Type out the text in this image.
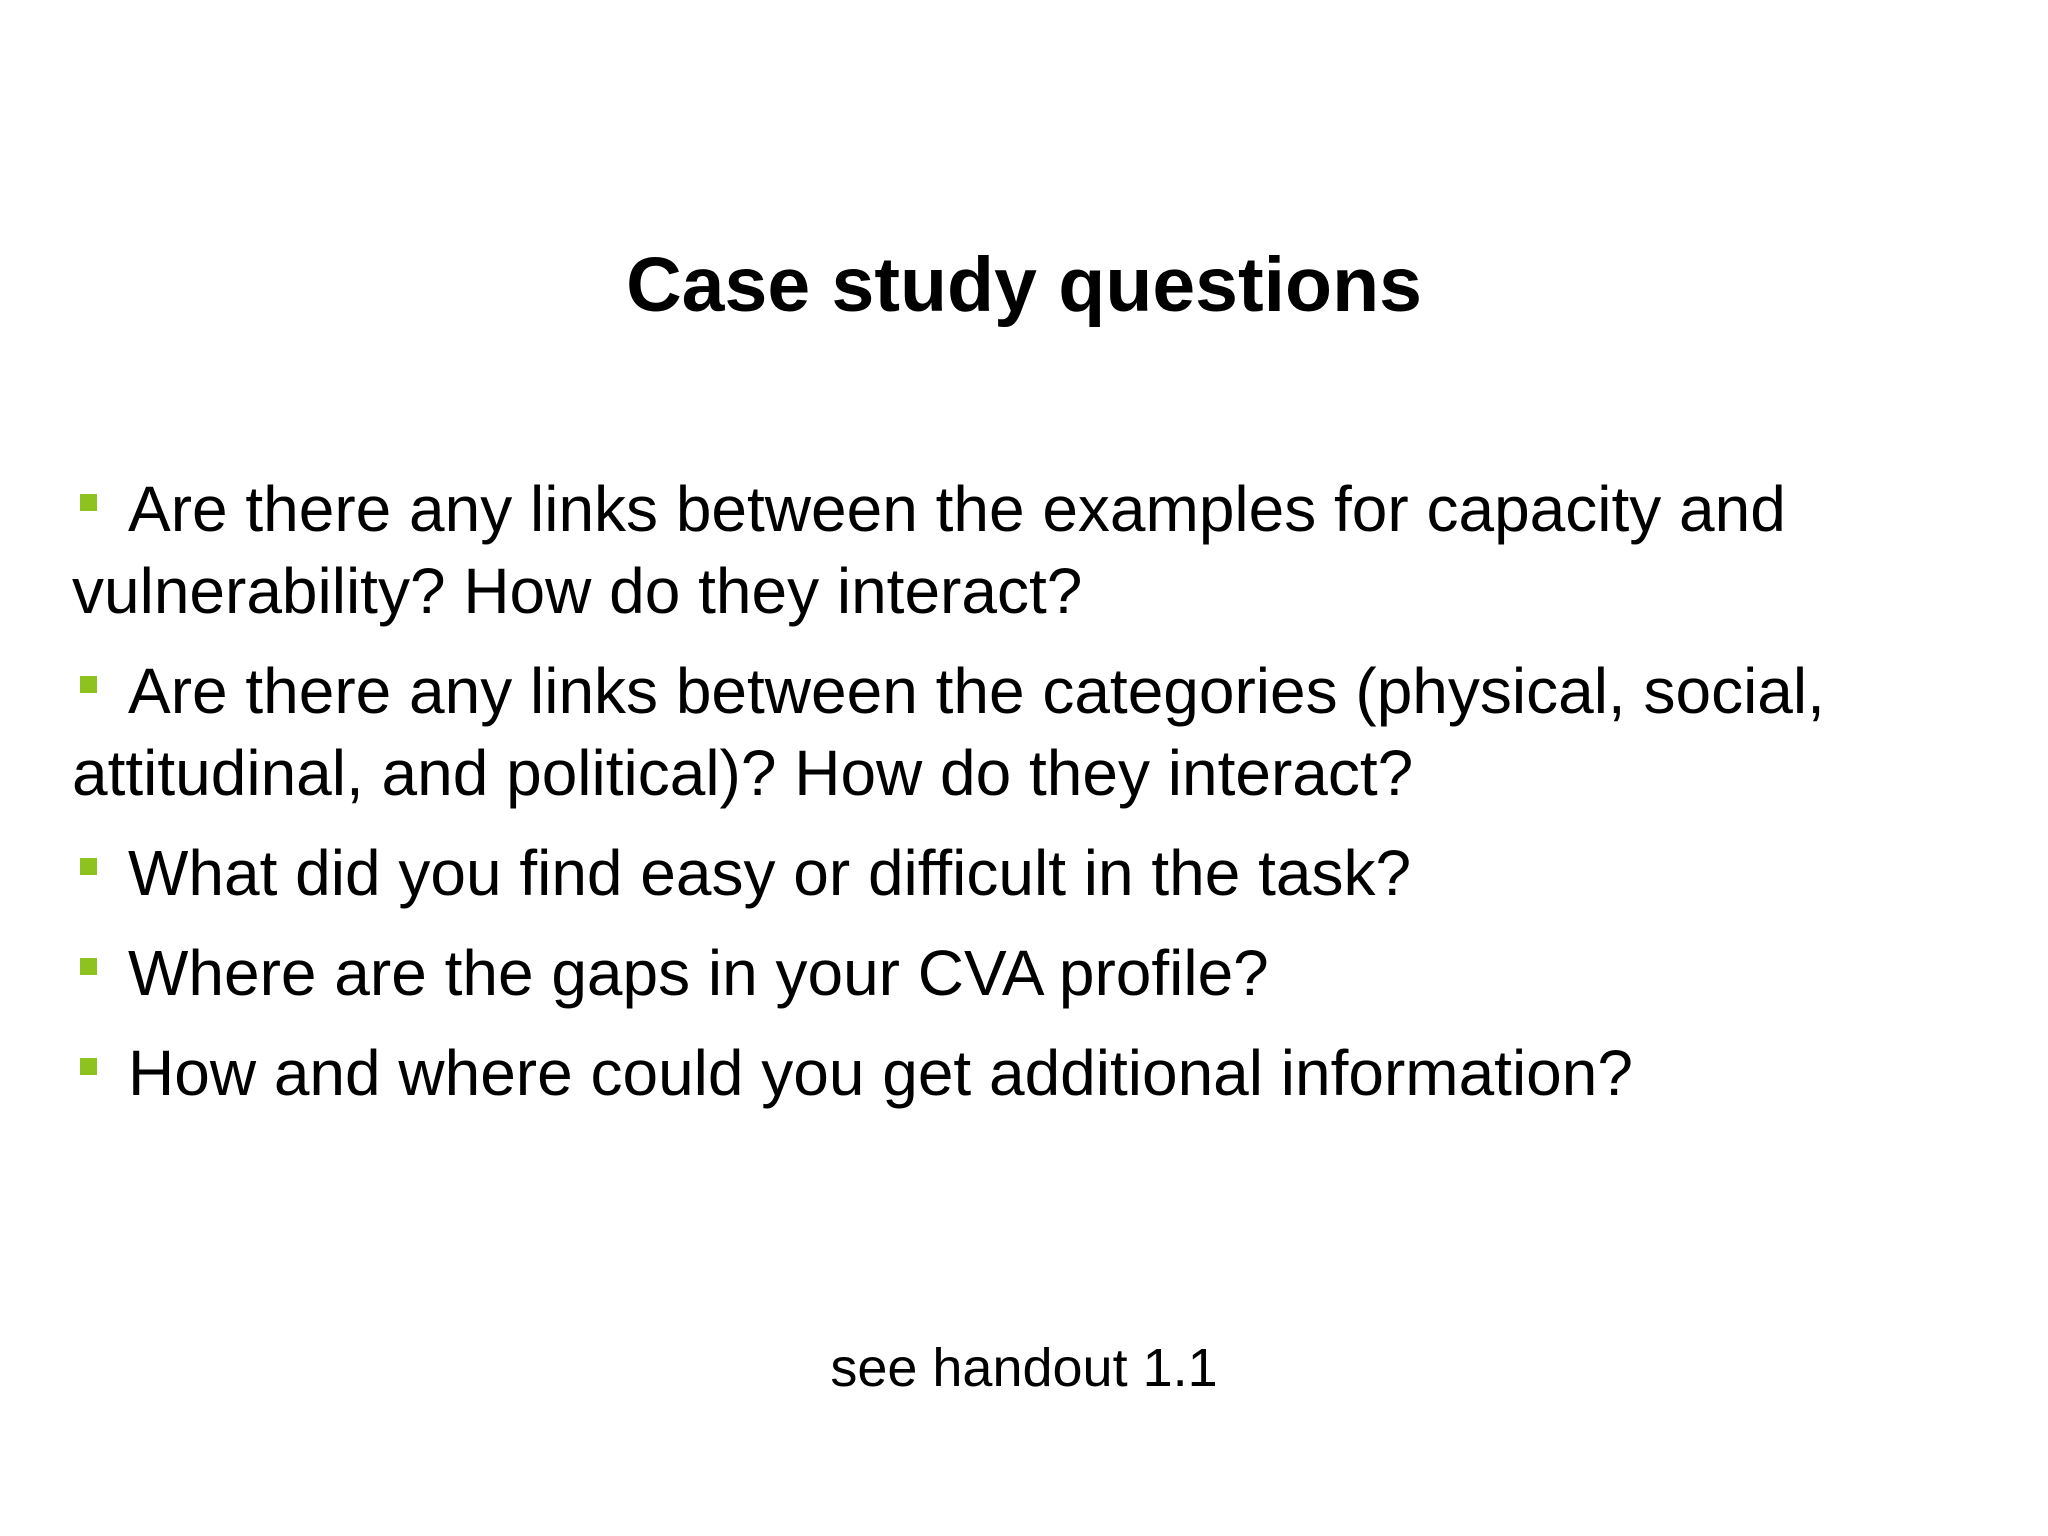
Case study questions
Are there any links between the examples for capacity and vulnerability? How do they interact?
Are there any links between the categories (physical, social, attitudinal, and political)? How do they interact?
What did you find easy or difficult in the task?
Where are the gaps in your CVA profile?
How and where could you get additional information?

see handout 1.1
